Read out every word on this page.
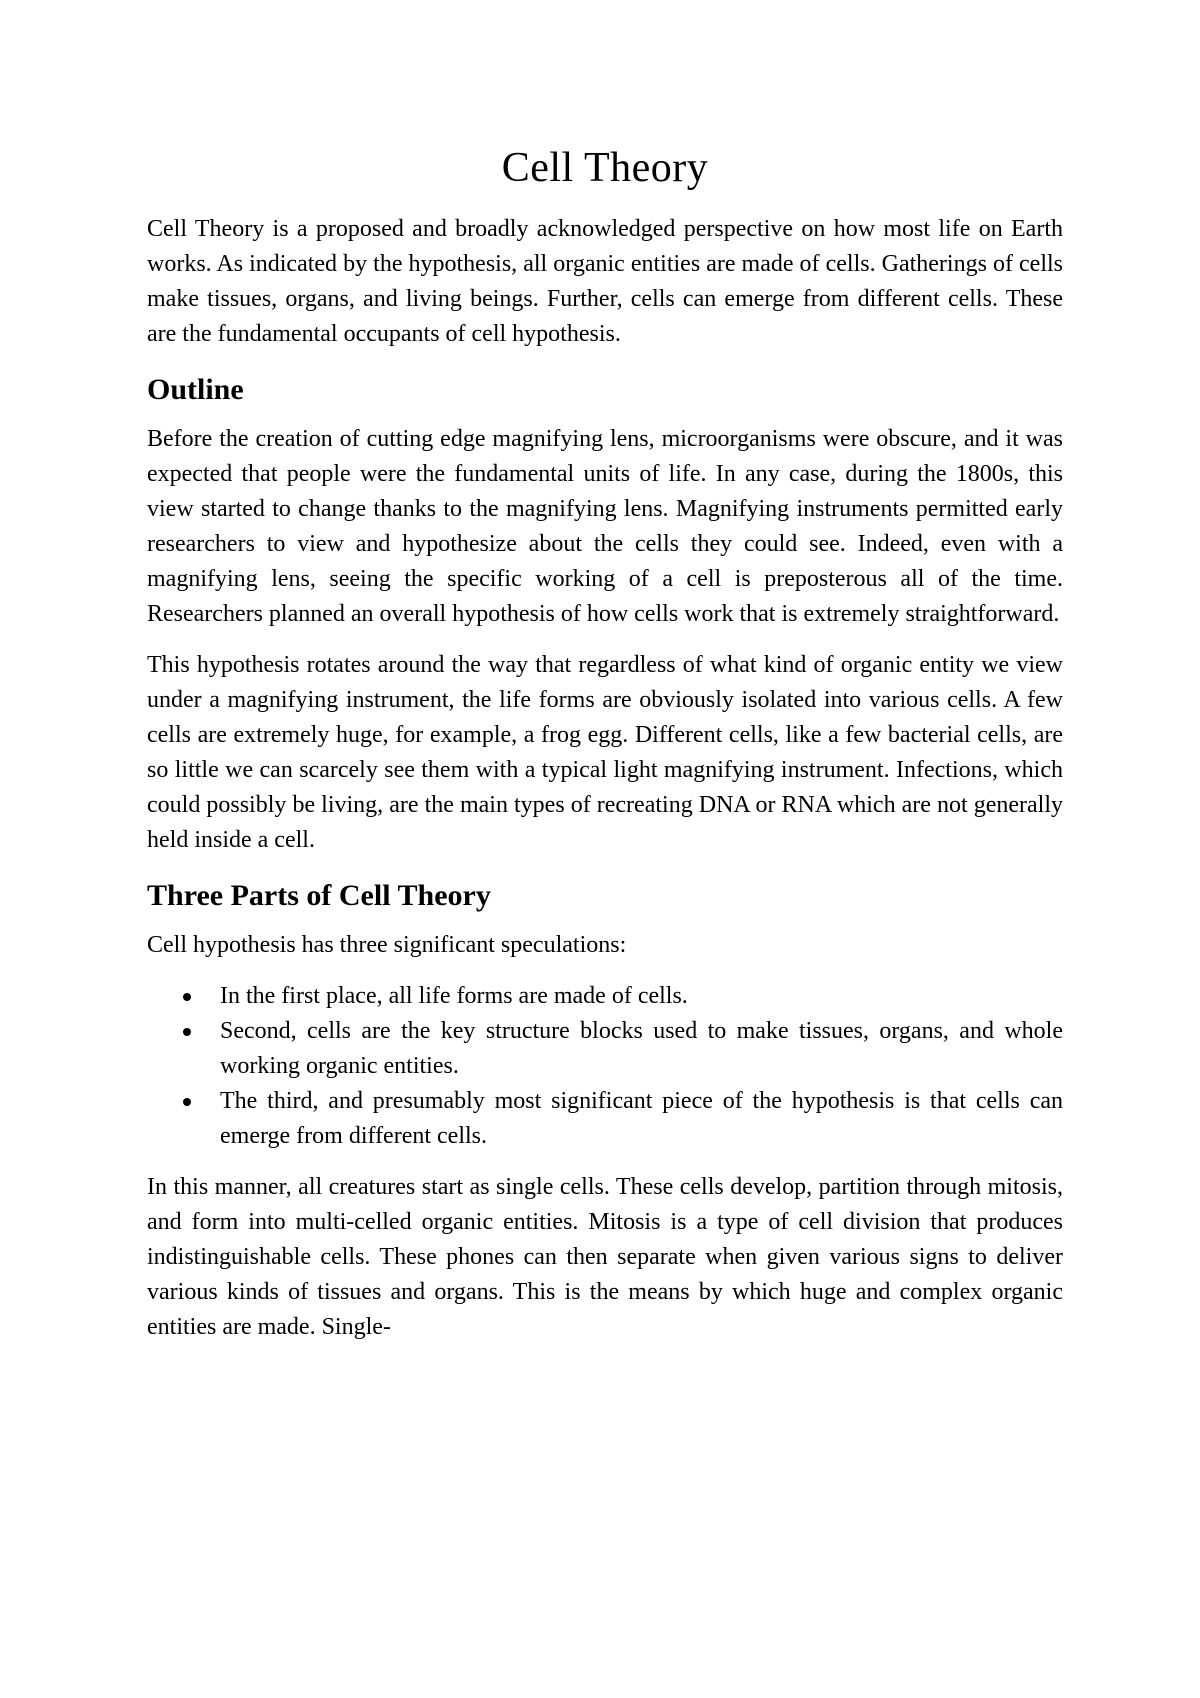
Cell Theory

Cell Theory is a proposed and broadly acknowledged perspective on how most life on Earth works. As indicated by the hypothesis, all organic entities are made of cells. Gatherings of cells make tissues, organs, and living beings. Further, cells can emerge from different cells. These are the fundamental occupants of cell hypothesis.

Outline

Before the creation of cutting edge magnifying lens, microorganisms were obscure, and it was expected that people were the fundamental units of life. In any case, during the 1800s, this view started to change thanks to the magnifying lens. Magnifying instruments permitted early researchers to view and hypothesize about the cells they could see. Indeed, even with a magnifying lens, seeing the specific working of a cell is preposterous all of the time. Researchers planned an overall hypothesis of how cells work that is extremely straightforward.

This hypothesis rotates around the way that regardless of what kind of organic entity we view under a magnifying instrument, the life forms are obviously isolated into various cells. A few cells are extremely huge, for example, a frog egg. Different cells, like a few bacterial cells, are so little we can scarcely see them with a typical light magnifying instrument. Infections, which could possibly be living, are the main types of recreating DNA or RNA which are not generally held inside a cell.

Three Parts of Cell Theory

Cell hypothesis has three significant speculations:

In the first place, all life forms are made of cells.
Second, cells are the key structure blocks used to make tissues, organs, and whole working organic entities.
The third, and presumably most significant piece of the hypothesis is that cells can emerge from different cells.

In this manner, all creatures start as single cells. These cells develop, partition through mitosis, and form into multi-celled organic entities. Mitosis is a type of cell division that produces indistinguishable cells. These phones can then separate when given various signs to deliver various kinds of tissues and organs. This is the means by which huge and complex organic entities are made. Single-
